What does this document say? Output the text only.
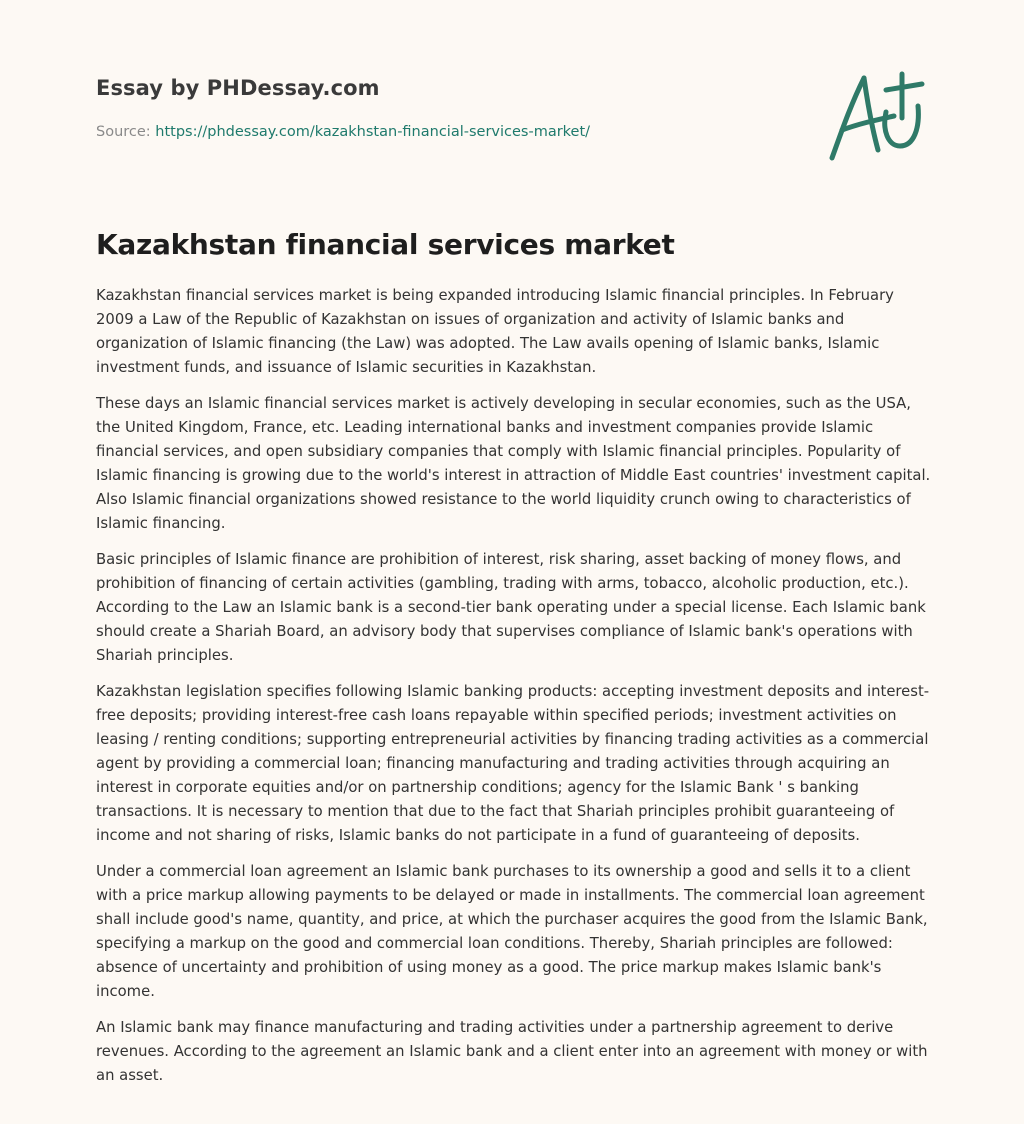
Essay by PHDessay.com
Source: https://phdessay.com/kazakhstan-financial-services-market/
Kazakhstan financial services market

Kazakhstan financial services market is being expanded introducing Islamic financial principles. In February 2009 a Law of the Republic of Kazakhstan on issues of organization and activity of Islamic banks and organization of Islamic financing (the Law) was adopted. The Law avails opening of Islamic banks, Islamic investment funds, and issuance of Islamic securities in Kazakhstan.

These days an Islamic financial services market is actively developing in secular economies, such as the USA, the United Kingdom, France, etc. Leading international banks and investment companies provide Islamic financial services, and open subsidiary companies that comply with Islamic financial principles. Popularity of Islamic financing is growing due to the world's interest in attraction of Middle East countries' investment capital. Also Islamic financial organizations showed resistance to the world liquidity crunch owing to characteristics of Islamic financing.

Basic principles of Islamic finance are prohibition of interest, risk sharing, asset backing of money flows, and prohibition of financing of certain activities (gambling, trading with arms, tobacco, alcoholic production, etc.). According to the Law an Islamic bank is a second-tier bank operating under a special license. Each Islamic bank should create a Shariah Board, an advisory body that supervises compliance of Islamic bank's operations with Shariah principles.

Kazakhstan legislation specifies following Islamic banking products: accepting investment deposits and interest-free deposits; providing interest-free cash loans repayable within specified periods; investment activities on leasing / renting conditions; supporting entrepreneurial activities by financing trading activities as a commercial agent by providing a commercial loan; financing manufacturing and trading activities through acquiring an interest in corporate equities and/or on partnership conditions; agency for the Islamic Bank ' s banking transactions. It is necessary to mention that due to the fact that Shariah principles prohibit guaranteeing of income and not sharing of risks, Islamic banks do not participate in a fund of guaranteeing of deposits.

Under a commercial loan agreement an Islamic bank purchases to its ownership a good and sells it to a client with a price markup allowing payments to be delayed or made in installments. The commercial loan agreement shall include good's name, quantity, and price, at which the purchaser acquires the good from the Islamic Bank, specifying a markup on the good and commercial loan conditions. Thereby, Shariah principles are followed: absence of uncertainty and prohibition of using money as a good. The price markup makes Islamic bank's income.

An Islamic bank may finance manufacturing and trading activities under a partnership agreement to derive revenues. According to the agreement an Islamic bank and a client enter into an agreement with money or with an asset.
